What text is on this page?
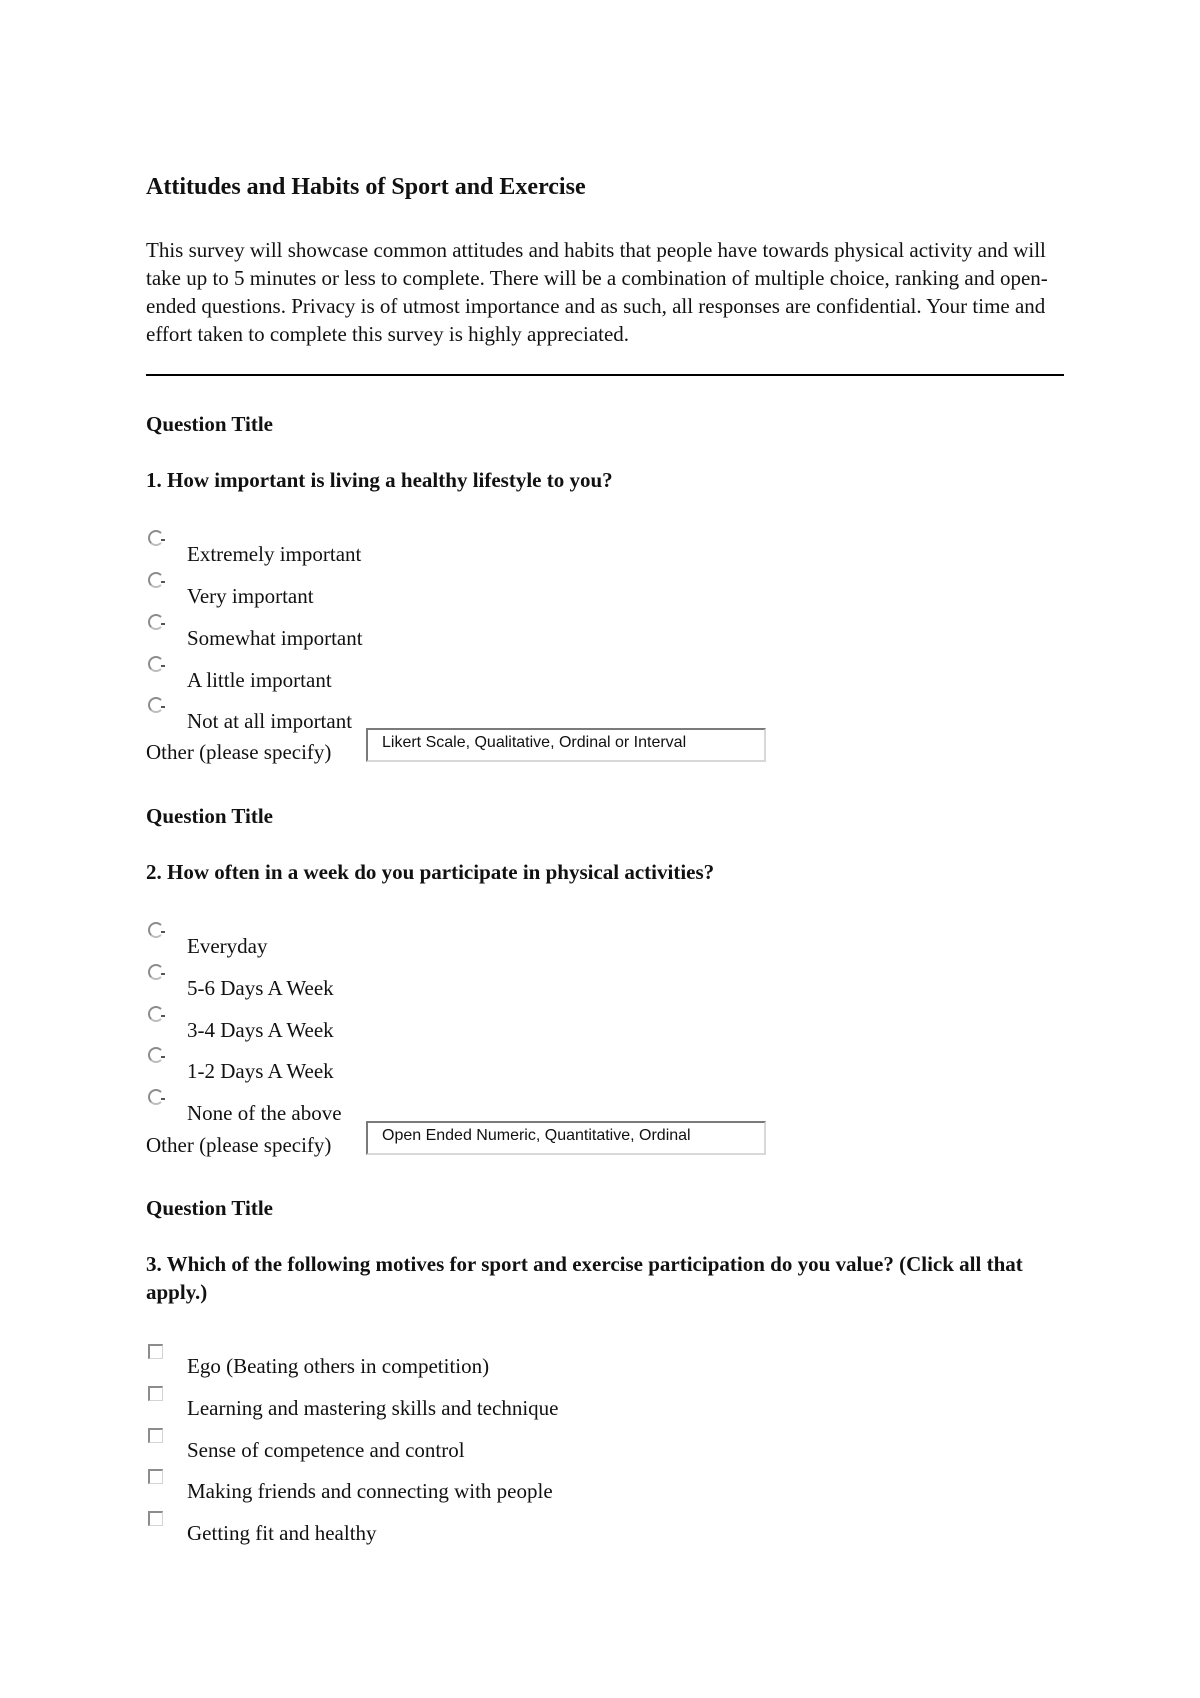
Attitudes and Habits of Sport and Exercise

This survey will showcase common attitudes and habits that people have towards physical activity and will take up to 5 minutes or less to complete. There will be a combination of multiple choice, ranking and open-ended questions. Privacy is of utmost importance and as such, all responses are confidential. Your time and effort taken to complete this survey is highly appreciated.

Question Title
1. How important is living a healthy lifestyle to you?
Extremely important
Very important
Somewhat important
A little important
Not at all important
Other (please specify)	Likert Scale, Qualitative, Ordinal or Interval
Question Title
2. How often in a week do you participate in physical activities?
Everyday
5-6 Days A Week
3-4 Days A Week
1-2 Days A Week
None of the above
Other (please specify)	Open Ended Numeric, Quantitative, Ordinal
Question Title
3. Which of the following motives for sport and exercise participation do you value? (Click all that apply.)
Ego (Beating others in competition)
Learning and mastering skills and technique
Sense of competence and control
Making friends and connecting with people
Getting fit and healthy
